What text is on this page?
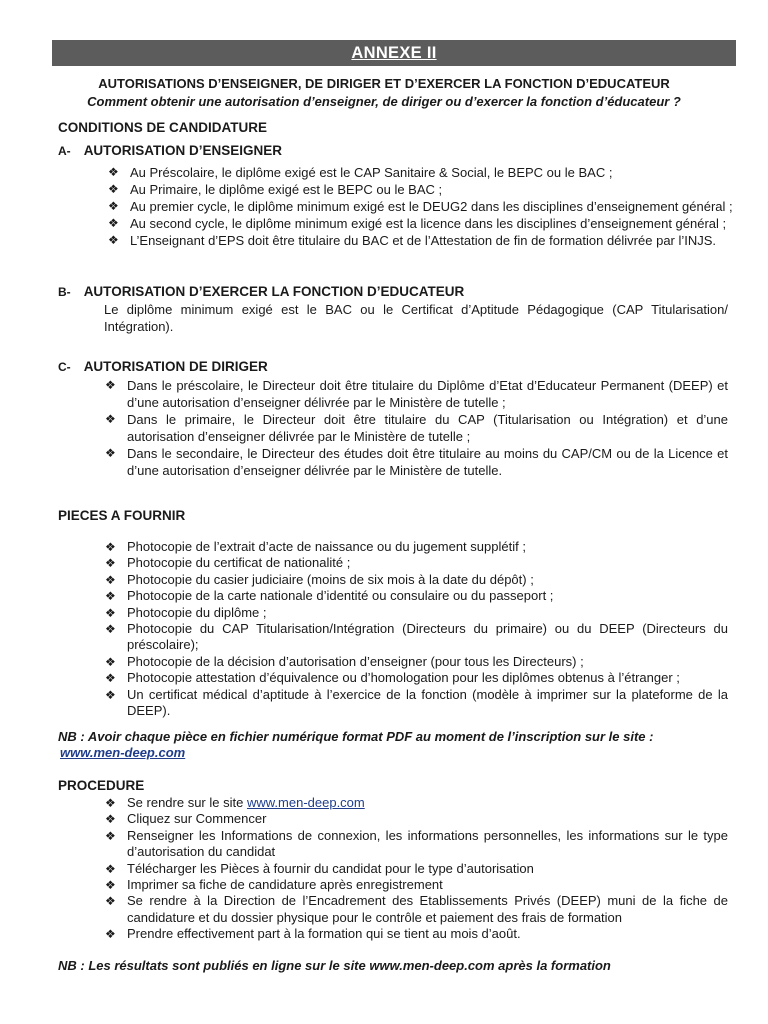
ANNEXE II
AUTORISATIONS D’ENSEIGNER, DE DIRIGER ET D’EXERCER LA FONCTION D’EDUCATEUR
Comment obtenir une autorisation d’enseigner, de diriger ou d’exercer la fonction d’éducateur ?
CONDITIONS DE CANDIDATURE
A- AUTORISATION D’ENSEIGNER
❖ Au Préscolaire, le diplôme exigé est le CAP Sanitaire & Social, le BEPC ou le BAC ;
❖ Au Primaire, le diplôme exigé est le BEPC ou le BAC ;
❖ Au premier cycle, le diplôme minimum exigé est le DEUG2 dans les disciplines d’enseignement général ;
❖ Au second cycle, le diplôme minimum exigé est la licence dans les disciplines d’enseignement général ;
❖ L’Enseignant d’EPS doit être titulaire du BAC et de l’Attestation de fin de formation délivrée par l’INJS.
B- AUTORISATION D’EXERCER LA FONCTION D’EDUCATEUR
Le diplôme minimum exigé est le BAC ou le Certificat d’Aptitude Pédagogique (CAP Titularisation/ Intégration).
C- AUTORISATION DE DIRIGER
❖ Dans le préscolaire, le Directeur doit être titulaire du Diplôme d’Etat d’Educateur Permanent (DEEP) et d’une autorisation d’enseigner délivrée par le Ministère de tutelle ;
❖ Dans le primaire, le Directeur doit être titulaire du CAP (Titularisation ou Intégration) et d’une autorisation d’enseigner délivrée par le Ministère de tutelle ;
❖ Dans le secondaire, le Directeur des études doit être titulaire au moins du CAP/CM ou de la Licence et d’une autorisation d’enseigner délivrée par le Ministère de tutelle.
PIECES A FOURNIR
❖ Photocopie de l’extrait d’acte de naissance ou du jugement supplétif ;
❖ Photocopie du certificat de nationalité ;
❖ Photocopie du casier judiciaire (moins de six mois à la date du dépôt) ;
❖ Photocopie de la carte nationale d’identité ou consulaire ou du passeport ;
❖ Photocopie du diplôme ;
❖ Photocopie du CAP Titularisation/Intégration (Directeurs du primaire) ou du DEEP (Directeurs du préscolaire);
❖ Photocopie de la décision d’autorisation d’enseigner (pour tous les Directeurs) ;
❖ Photocopie attestation d’équivalence ou d’homologation pour les diplômes obtenus à l’étranger ;
❖ Un certificat médical d’aptitude à l’exercice de la fonction (modèle à imprimer sur la plateforme de la DEEP).
NB : Avoir chaque pièce en fichier numérique format PDF au moment de l’inscription sur le site :
www.men-deep.com
PROCEDURE
❖ Se rendre sur le site www.men-deep.com
❖ Cliquez sur Commencer
❖ Renseigner les Informations de connexion, les informations personnelles, les informations sur le type d’autorisation du candidat
❖ Télécharger les Pièces à fournir du candidat pour le type d’autorisation
❖ Imprimer sa fiche de candidature après enregistrement
❖ Se rendre à la Direction de l’Encadrement des Etablissements Privés (DEEP) muni de la fiche de candidature et du dossier physique pour le contrôle et paiement des frais de formation
❖ Prendre effectivement part à la formation qui se tient au mois d’août.
NB : Les résultats sont publiés en ligne sur le site www.men-deep.com après la formation
